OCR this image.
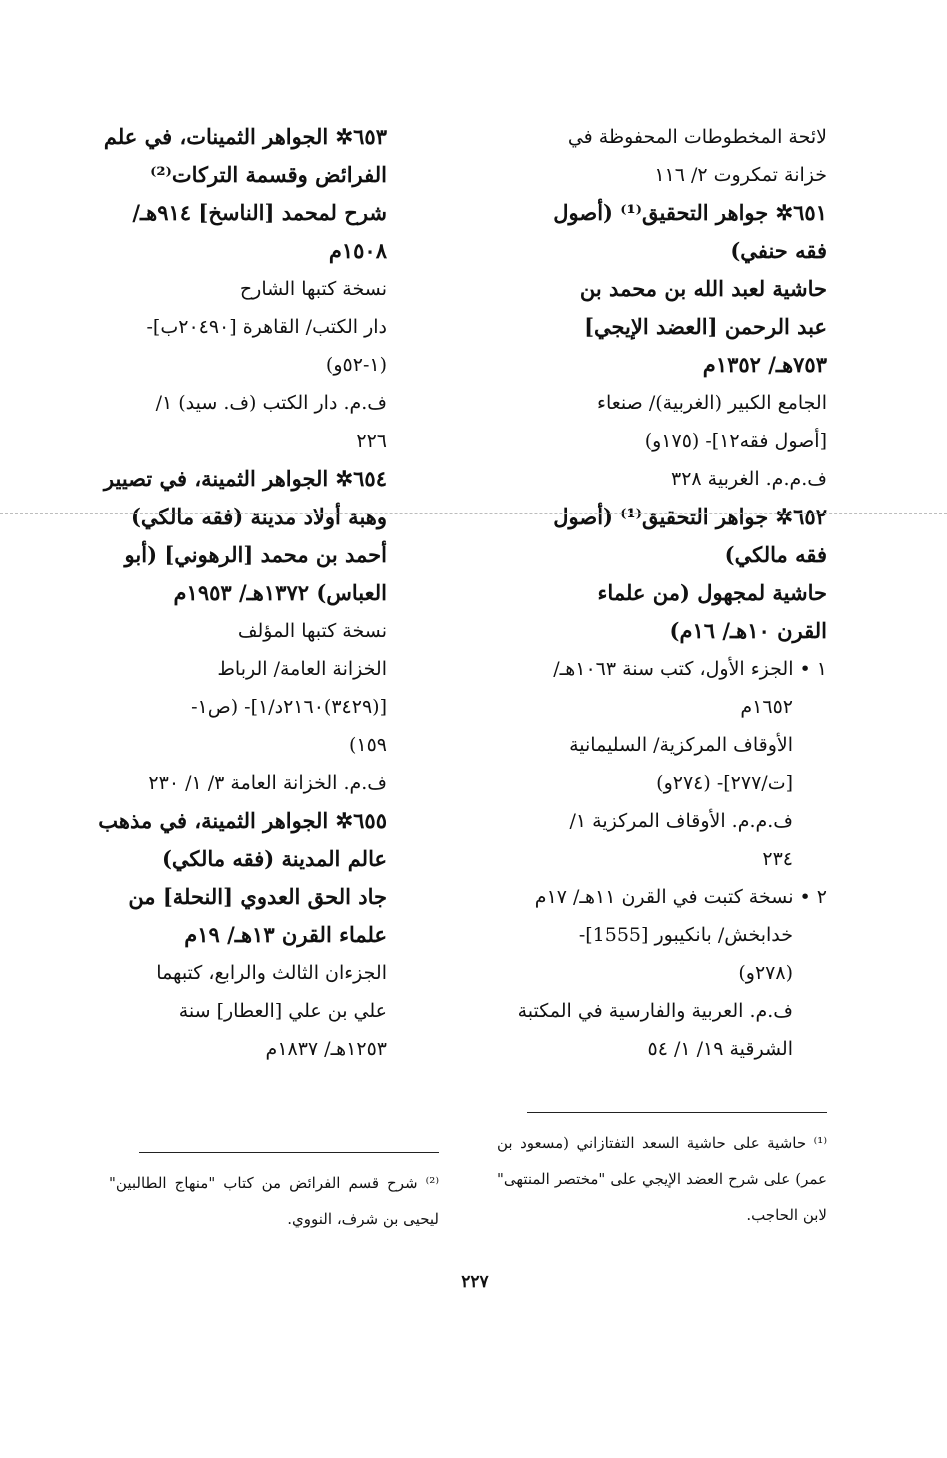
لائحة المخطوطات المحفوظة في
خزانة تمكروت ٢/ ١١٦
٦٥١✲ جواهر التحقيق⁽¹⁾ (أصول
فقه حنفي)
حاشية لعبد الله بن محمد بن
عبد الرحمن [العضد الإيجي]
٧٥٣هـ/ ١٣٥٢م
الجامع الكبير (الغربية)/ صنعاء
[أصول فقه١٢]- (١٧٥و)
ف.م.م. الغربية ٣٢٨
٦٥٢✲ جواهر التحقيق⁽¹⁾ (أصول
فقه مالكي)
حاشية لمجهول (من علماء
القرن ١٠هـ/ ١٦م)
١ • الجزء الأول، كتب سنة ١٠٦٣هـ/
١٦٥٢م
الأوقاف المركزية/ السليمانية
[ت/٢٧٧]- (٢٧٤و)
ف.م.م. الأوقاف المركزية ١/
٢٣٤
٢ • نسخة كتبت في القرن ١١هـ/ ١٧م
خدابخش/ بانكيبور [1555]-
(٢٧٨و)
ف.م. العربية والفارسية في المكتبة
الشرقية ١٩/ ١/ ٥٤
٦٥٣✲ الجواهر الثمينات، في علم
الفرائض وقسمة التركات⁽²⁾
شرح لمحمد [الناسخ] ٩١٤هـ/
١٥٠٨م
نسخة كتبها الشارح
دار الكتب/ القاهرة [٢٠٤٩٠ب]-
(١-٥٢و)
ف.م. دار الكتب (ف. سيد) ١/
٢٢٦
٦٥٤✲ الجواهر الثمينة، في تصيير
وهبة أولاد مدينة (فقه مالكي)
أحمد بن محمد [الرهوني] (أبو
العباس) ١٣٧٢هـ/ ١٩٥٣م
نسخة كتبها المؤلف
الخزانة العامة/ الرباط
[(٣٤٢٩)٢١٦٠د/١]- (ص١-
١٥٩)
ف.م. الخزانة العامة ٣/ ١/ ٢٣٠
٦٥٥✲ الجواهر الثمينة، في مذهب
عالم المدينة (فقه مالكي)
جاد الحق العدوي [النحلة] من
علماء القرن ١٣هـ/ ١٩م
الجزءان الثالث والرابع، كتبهما
علي بن علي [العطار] سنة
١٢٥٣هـ/ ١٨٣٧م
⁽¹⁾ حاشية على حاشية السعد التفتازاني (مسعود بن عمر) على شرح العضد الإيجي على "مختصر المنتهى" لابن الحاجب.
⁽²⁾ شرح قسم الفرائض من كتاب "منهاج الطالبين" ليحيى بن شرف، النووي.
٢٢٧
